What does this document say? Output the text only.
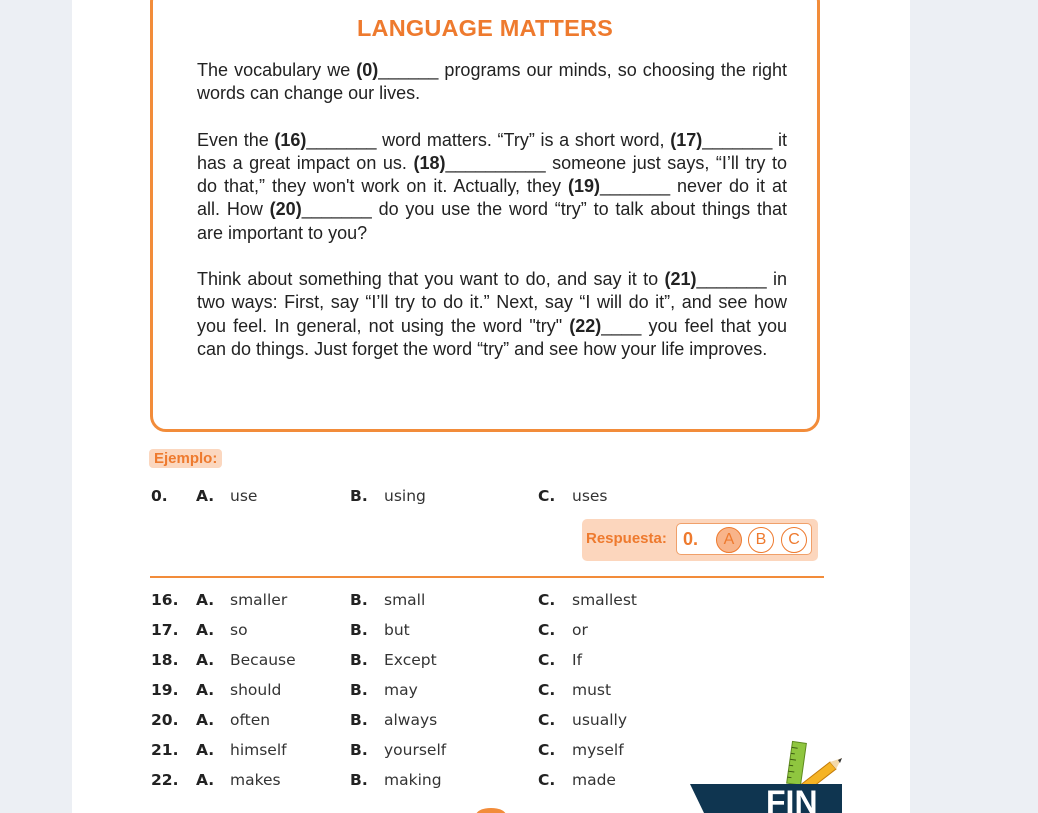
LANGUAGE MATTERS

The vocabulary we (0)______ programs our minds, so choosing the right words can change our lives.

Even the (16)_______ word matters. “Try” is a short word, (17)_______ it has a great impact on us. (18)__________ someone just says, “I’ll try to do that,” they won't work on it. Actually, they (19)_______ never do it at all. How (20)_______ do you use the word “try” to talk about things that are important to you?

Think about something that you want to do, and say it to (21)_______ in two ways: First, say “I’ll try to do it.” Next, say “I will do it”, and see how you feel. In general, not using the word "try" (22)____ you feel that you can do things. Just forget the word “try” and see how your life improves.

Ejemplo:
0. A. use	B. using	C. uses
Respuesta: 0.	A	B	C
16. A. smaller	B. small	C. smallest
17. A. so	B. but	C. or
18. A. Because	B. Except	C. If
19. A. should	B. may	C. must
20. A. often	B. always	C. usually
21. A. himself	B. yourself	C. myself
22. A. makes	B. making	C. made
FIN
